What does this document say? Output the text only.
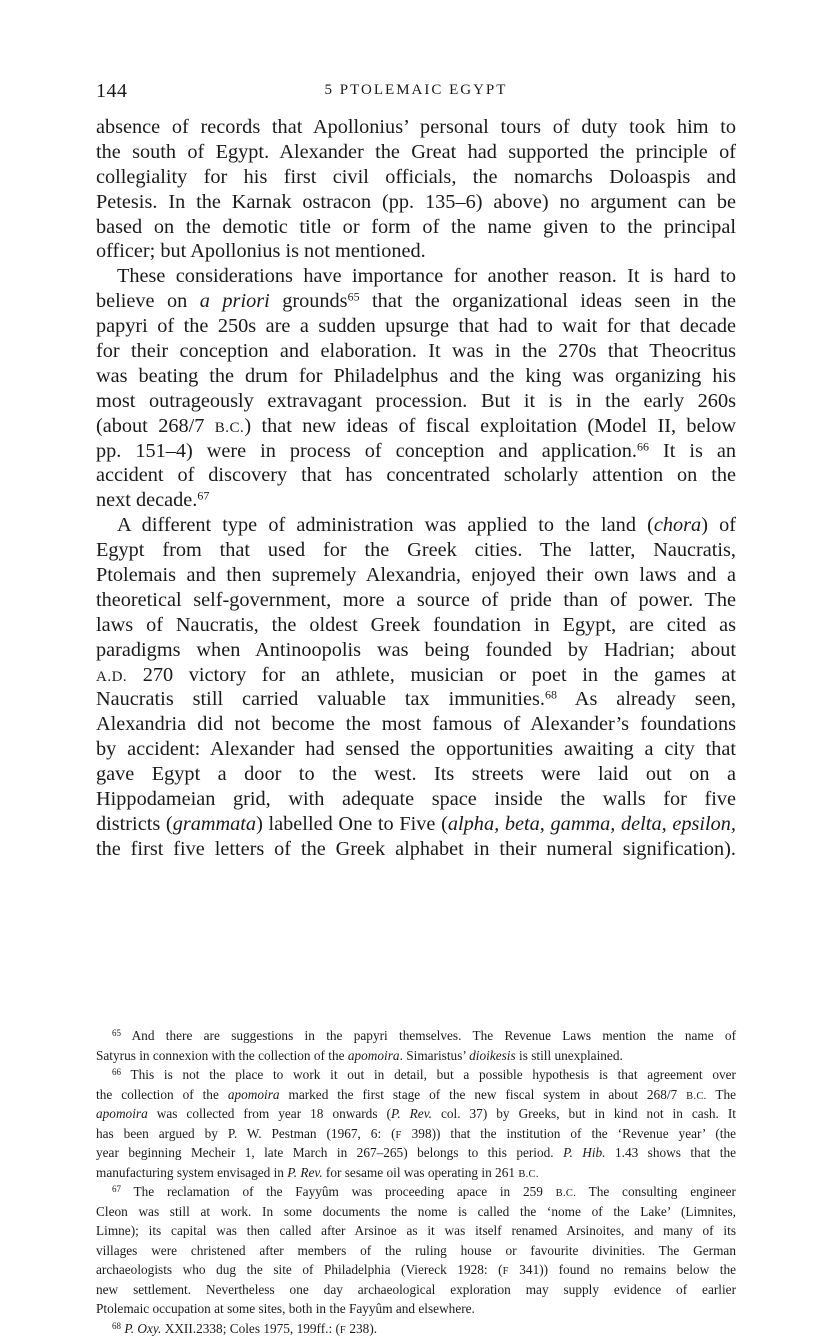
144	5 PTOLEMAIC EGYPT
absence of records that Apollonius’ personal tours of duty took him to
the south of Egypt. Alexander the Great had supported the principle of
collegiality for his first civil officials, the nomarchs Doloaspis and
Petesis. In the Karnak ostracon (pp. 135–6) above) no argument can be
based on the demotic title or form of the name given to the principal
officer; but Apollonius is not mentioned.
These considerations have importance for another reason. It is hard to
believe on a priori grounds$^{65}$ that the organizational ideas seen in the
papyri of the 250s are a sudden upsurge that had to wait for that decade
for their conception and elaboration. It was in the 270s that Theocritus
was beating the drum for Philadelphus and the king was organizing his
most outrageously extravagant procession. But it is in the early 260s
(about 268/7 B.C.) that new ideas of fiscal exploitation (Model II, below
pp. 151–4) were in process of conception and application.$^{66}$ It is an
accident of discovery that has concentrated scholarly attention on the
next decade.$^{67}$
A different type of administration was applied to the land (chora) of
Egypt from that used for the Greek cities. The latter, Naucratis,
Ptolemais and then supremely Alexandria, enjoyed their own laws and a
theoretical self-government, more a source of pride than of power. The
laws of Naucratis, the oldest Greek foundation in Egypt, are cited as
paradigms when Antinoopolis was being founded by Hadrian; about
A.D. 270 victory for an athlete, musician or poet in the games at
Naucratis still carried valuable tax immunities.$^{68}$ As already seen,
Alexandria did not become the most famous of Alexander’s foundations
by accident: Alexander had sensed the opportunities awaiting a city that
gave Egypt a door to the west. Its streets were laid out on a
Hippodameian grid, with adequate space inside the walls for five
districts (grammata) labelled One to Five (alpha, beta, gamma, delta, epsilon,
the first five letters of the Greek alphabet in their numeral signification).
$^{65}$ And there are suggestions in the papyri themselves. The Revenue Laws mention the name of
Satyrus in connexion with the collection of the apomoira. Simaristus’ dioikesis is still unexplained.
$^{66}$ This is not the place to work it out in detail, but a possible hypothesis is that agreement over
the collection of the apomoira marked the first stage of the new fiscal system in about 268/7 B.C. The
apomoira was collected from year 18 onwards (P. Rev. col. 37) by Greeks, but in kind not in cash. It
has been argued by P. W. Pestman (1967, 6: (F 398)) that the institution of the ‘Revenue year’ (the
year beginning Mecheir 1, late March in 267–265) belongs to this period. P. Hib. 1.43 shows that the
manufacturing system envisaged in P. Rev. for sesame oil was operating in 261 B.C.
$^{67}$ The reclamation of the Fayyûm was proceeding apace in 259 B.C. The consulting engineer
Cleon was still at work. In some documents the nome is called the ‘nome of the Lake’ (Limnites,
Limne); its capital was then called after Arsinoe as it was itself renamed Arsinoites, and many of its
villages were christened after members of the ruling house or favourite divinities. The German
archaeologists who dug the site of Philadelphia (Viereck 1928: (F 341)) found no remains below the
new settlement. Nevertheless one day archaeological exploration may supply evidence of earlier
Ptolemaic occupation at some sites, both in the Fayyûm and elsewhere.
$^{68}$ P. Oxy. XXII.2338; Coles 1975, 199ff.: (F 238).
